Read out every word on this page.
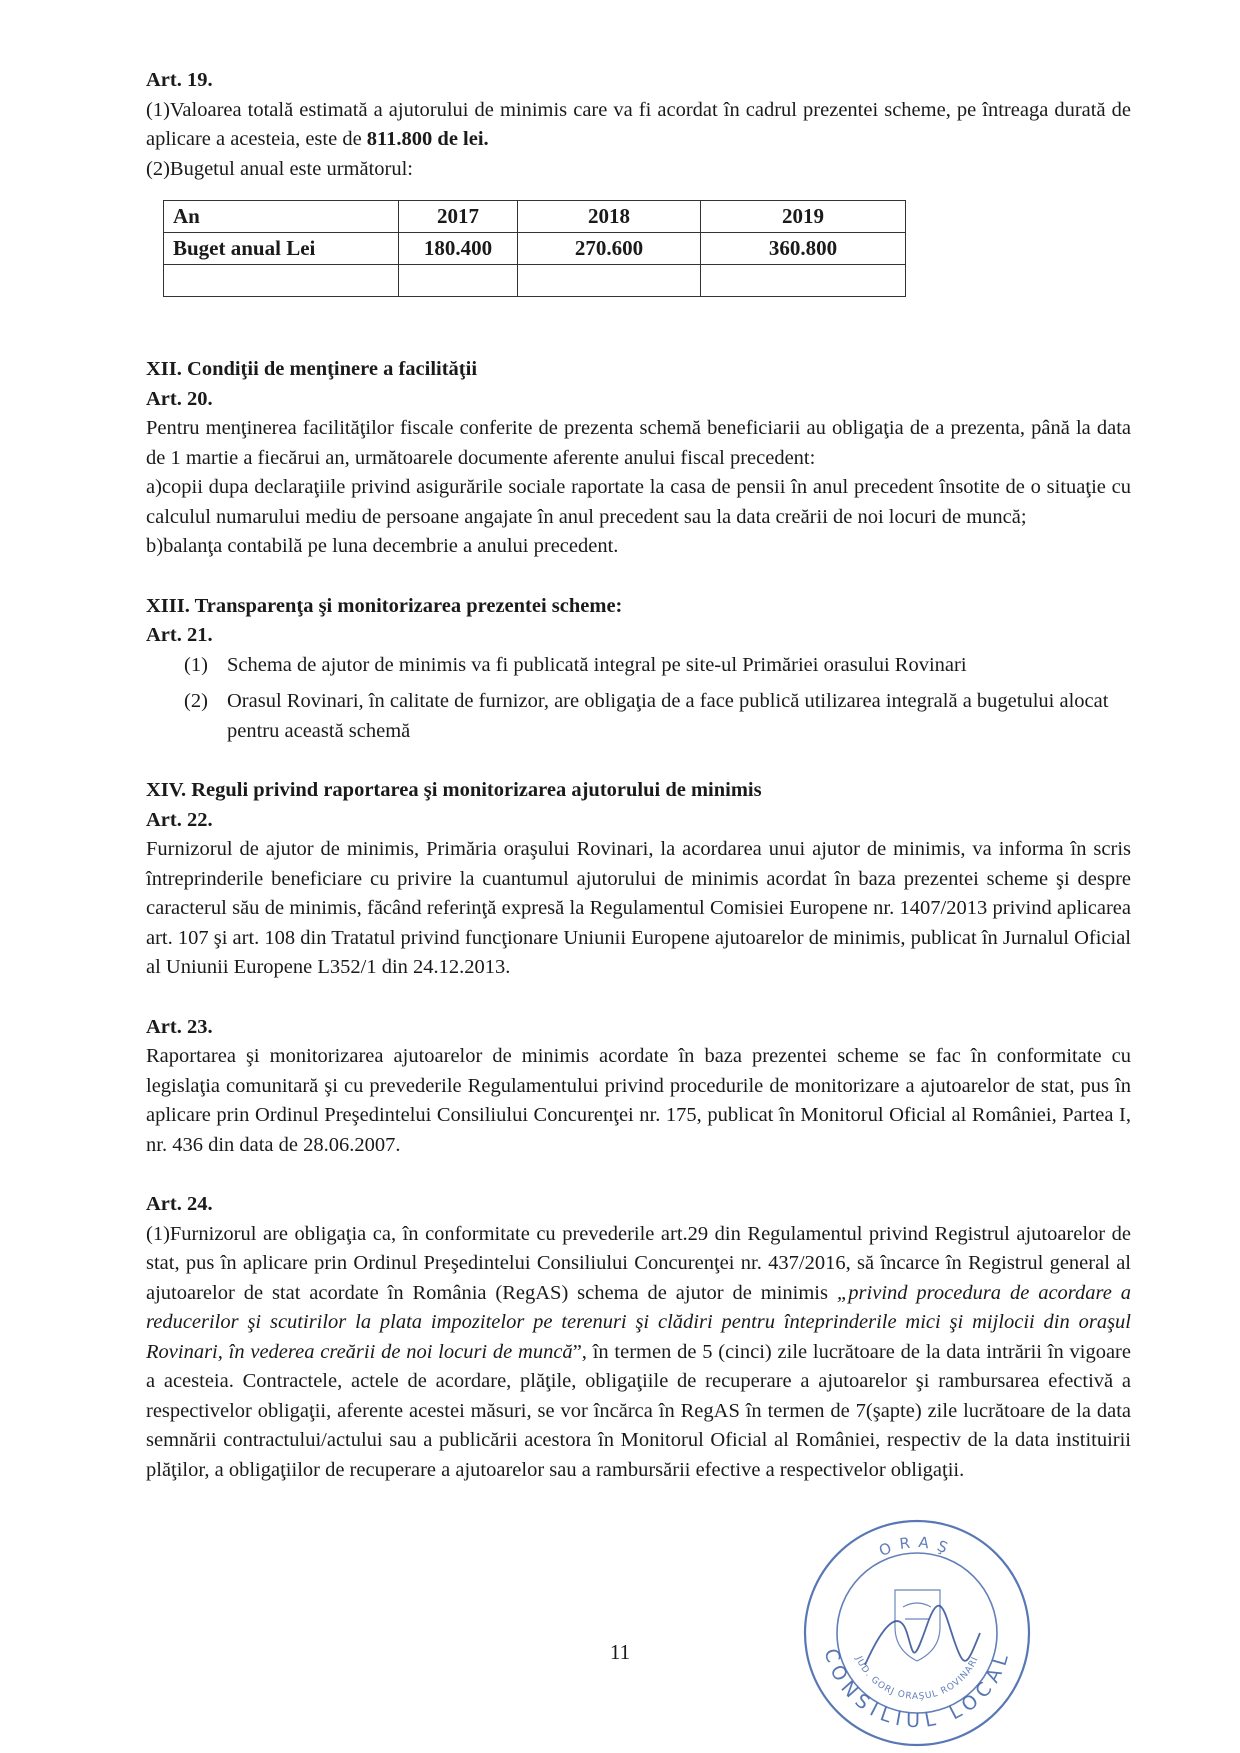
Art. 19.

(1)Valoarea totală estimată a ajutorului de minimis care va fi acordat în cadrul prezentei scheme, pe întreaga durată de aplicare a acesteia, este de 811.800 de lei.

(2)Bugetul anual este următorul:

An	2017	2018	2019
Buget anual Lei	180.400	270.600	360.800

XII. Condiţii de menţinere a facilităţii

Art. 20.

Pentru menţinerea facilităţilor fiscale conferite de prezenta schemă beneficiarii au obligaţia de a prezenta, până la data de 1 martie a fiecărui an, următoarele documente aferente anului fiscal precedent:

a)copii dupa declaraţiile privind asigurările sociale raportate la casa de pensii în anul precedent însotite de o situaţie cu calculul numarului mediu de persoane angajate în anul precedent sau la data creării de noi locuri de muncă;

b)balanţa contabilă pe luna decembrie a anului precedent.

XIII. Transparenţa şi monitorizarea prezentei scheme:

Art. 21.

(1) Schema de ajutor de minimis va fi publicată integral pe site-ul Primăriei orasului Rovinari
(2) Orasul Rovinari, în calitate de furnizor, are obligaţia de a face publică utilizarea integrală a bugetului alocat pentru această schemă

XIV. Reguli privind raportarea şi monitorizarea ajutorului de minimis

Art. 22.

Furnizorul de ajutor de minimis, Primăria oraşului Rovinari, la acordarea unui ajutor de minimis, va informa în scris întreprinderile beneficiare cu privire la cuantumul ajutorului de minimis acordat în baza prezentei scheme şi despre caracterul său de minimis, făcând referinţă expresă la Regulamentul Comisiei Europene nr. 1407/2013 privind aplicarea art. 107 şi art. 108 din Tratatul privind funcţionare Uniunii Europene ajutoarelor de minimis, publicat în Jurnalul Oficial al Uniunii Europene L352/1 din 24.12.2013.

Art. 23.

Raportarea şi monitorizarea ajutoarelor de minimis acordate în baza prezentei scheme se fac în conformitate cu legislaţia comunitară şi cu prevederile Regulamentului privind procedurile de monitorizare a ajutoarelor de stat, pus în aplicare prin Ordinul Preşedintelui Consiliului Concurenţei nr. 175, publicat în Monitorul Oficial al României, Partea I, nr. 436 din data de 28.06.2007.

Art. 24.

(1)Furnizorul are obligaţia ca, în conformitate cu prevederile art.29 din Regulamentul privind Registrul ajutoarelor de stat, pus în aplicare prin Ordinul Preşedintelui Consiliului Concurenţei nr. 437/2016, să încarce în Registrul general al ajutoarelor de stat acordate în România (RegAS) schema de ajutor de minimis „privind procedura de acordare a reducerilor şi scutirilor la plata impozitelor pe terenuri şi clădiri pentru înteprinderile mici şi mijlocii din oraşul Rovinari, în vederea creării de noi locuri de muncă”, în termen de 5 (cinci) zile lucrătoare de la data intrării în vigoare a acesteia. Contractele, actele de acordare, plăţile, obligaţiile de recuperare a ajutoarelor şi rambursarea efectivă a respectivelor obligaţii, aferente acestei măsuri, se vor încărca în RegAS în termen de 7(şapte) zile lucrătoare de la data semnării contractului/actului sau a publicării acestora în Monitorul Oficial al României, respectiv de la data instituirii plăţilor, a obligaţiilor de recuperare a ajutoarelor sau a rambursării efective a respectivelor obligaţii.

11	CONSILIUL LOCAL
ORAŞ
JUD. GORJ ORAŞUL ROVINARI
